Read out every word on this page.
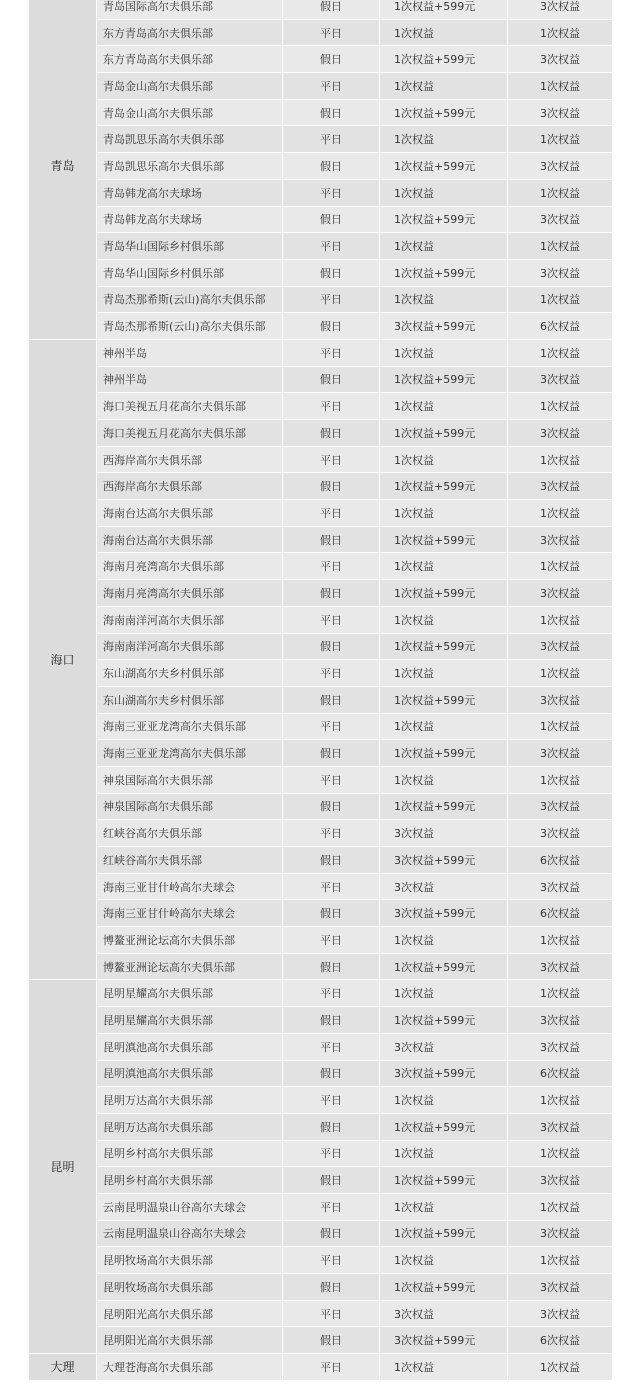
青岛	青岛国际高尔夫俱乐部	假日	1次权益+599元	3次权益
	东方青岛高尔夫俱乐部	平日	1次权益	1次权益
	东方青岛高尔夫俱乐部	假日	1次权益+599元	3次权益
	青岛金山高尔夫俱乐部	平日	1次权益	1次权益
	青岛金山高尔夫俱乐部	假日	1次权益+599元	3次权益
	青岛凯思乐高尔夫俱乐部	平日	1次权益	1次权益
	青岛凯思乐高尔夫俱乐部	假日	1次权益+599元	3次权益
	青岛韩龙高尔夫球场	平日	1次权益	1次权益
	青岛韩龙高尔夫球场	假日	1次权益+599元	3次权益
	青岛华山国际乡村俱乐部	平日	1次权益	1次权益
	青岛华山国际乡村俱乐部	假日	1次权益+599元	3次权益
	青岛杰那希斯(云山)高尔夫俱乐部	平日	1次权益	1次权益
	青岛杰那希斯(云山)高尔夫俱乐部	假日	3次权益+599元	6次权益
海口	神州半岛	平日	1次权益	1次权益
	神州半岛	假日	1次权益+599元	3次权益
	海口美视五月花高尔夫俱乐部	平日	1次权益	1次权益
	海口美视五月花高尔夫俱乐部	假日	1次权益+599元	3次权益
	西海岸高尔夫俱乐部	平日	1次权益	1次权益
	西海岸高尔夫俱乐部	假日	1次权益+599元	3次权益
	海南台达高尔夫俱乐部	平日	1次权益	1次权益
	海南台达高尔夫俱乐部	假日	1次权益+599元	3次权益
	海南月亮湾高尔夫俱乐部	平日	1次权益	1次权益
	海南月亮湾高尔夫俱乐部	假日	1次权益+599元	3次权益
	海南南洋河高尔夫俱乐部	平日	1次权益	1次权益
	海南南洋河高尔夫俱乐部	假日	1次权益+599元	3次权益
	东山湖高尔夫乡村俱乐部	平日	1次权益	1次权益
	东山湖高尔夫乡村俱乐部	假日	1次权益+599元	3次权益
	海南三亚亚龙湾高尔夫俱乐部	平日	1次权益	1次权益
	海南三亚亚龙湾高尔夫俱乐部	假日	1次权益+599元	3次权益
	神泉国际高尔夫俱乐部	平日	1次权益	1次权益
	神泉国际高尔夫俱乐部	假日	1次权益+599元	3次权益
	红峡谷高尔夫俱乐部	平日	3次权益	3次权益
	红峡谷高尔夫俱乐部	假日	3次权益+599元	6次权益
	海南三亚甘什岭高尔夫球会	平日	3次权益	3次权益
	海南三亚甘什岭高尔夫球会	假日	3次权益+599元	6次权益
	博鳌亚洲论坛高尔夫俱乐部	平日	1次权益	1次权益
	博鳌亚洲论坛高尔夫俱乐部	假日	1次权益+599元	3次权益
昆明	昆明星耀高尔夫俱乐部	平日	1次权益	1次权益
	昆明星耀高尔夫俱乐部	假日	1次权益+599元	3次权益
	昆明滇池高尔夫俱乐部	平日	3次权益	3次权益
	昆明滇池高尔夫俱乐部	假日	3次权益+599元	6次权益
	昆明万达高尔夫俱乐部	平日	1次权益	1次权益
	昆明万达高尔夫俱乐部	假日	1次权益+599元	3次权益
	昆明乡村高尔夫俱乐部	平日	1次权益	1次权益
	昆明乡村高尔夫俱乐部	假日	1次权益+599元	3次权益
	云南昆明温泉山谷高尔夫球会	平日	1次权益	1次权益
	云南昆明温泉山谷高尔夫球会	假日	1次权益+599元	3次权益
	昆明牧场高尔夫俱乐部	平日	1次权益	1次权益
	昆明牧场高尔夫俱乐部	假日	1次权益+599元	3次权益
	昆明阳光高尔夫俱乐部	平日	3次权益	3次权益
	昆明阳光高尔夫俱乐部	假日	3次权益+599元	6次权益
大理	大理苍海高尔夫俱乐部	平日	1次权益	1次权益
